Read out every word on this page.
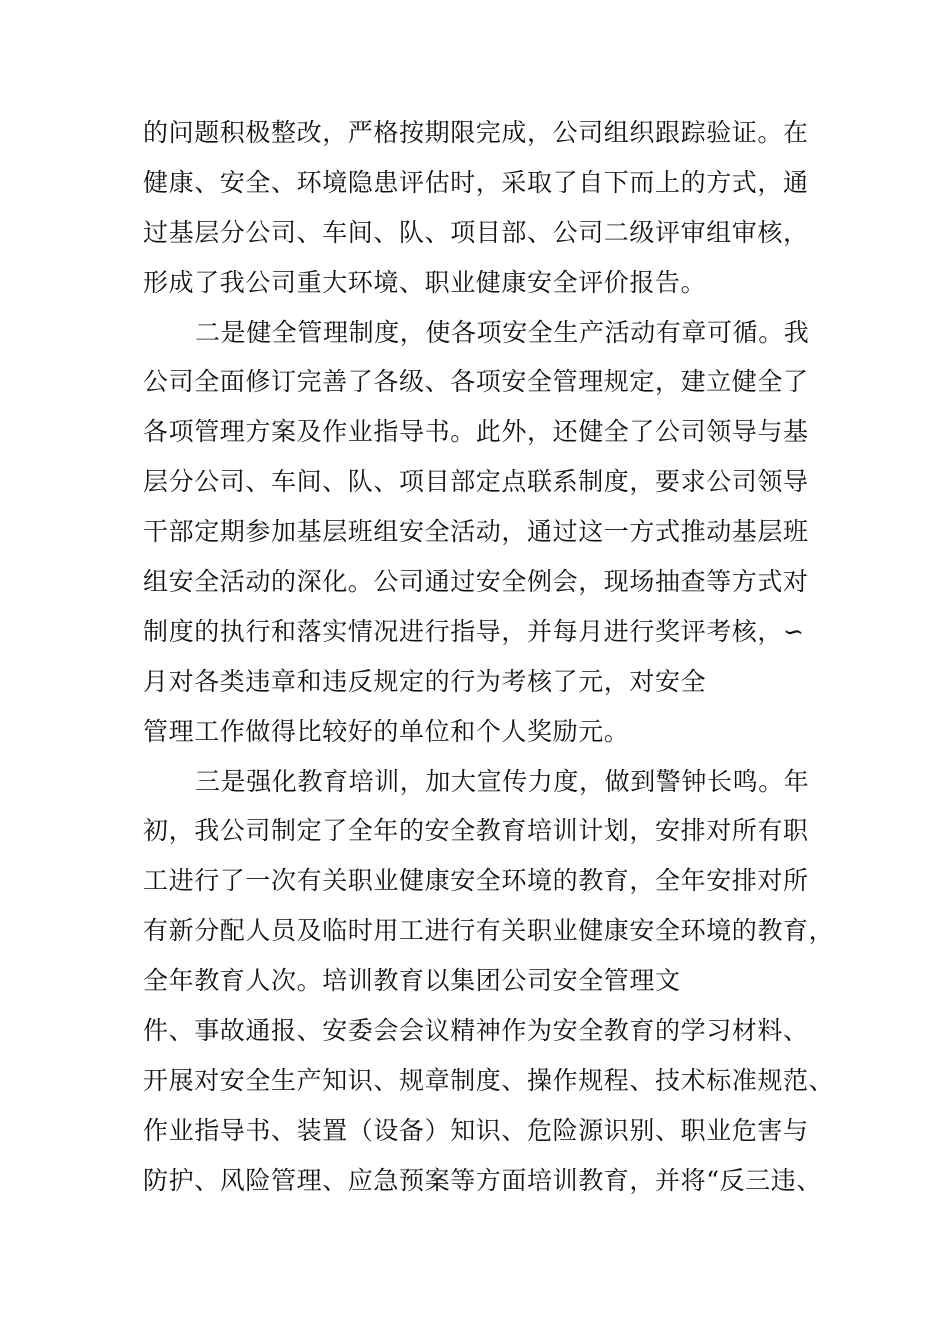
的问题积极整改，严格按期限完成，公司组织跟踪验证。在
健康、安全、环境隐患评估时，采取了自下而上的方式，通
过基层分公司、车间、队、项目部、公司二级评审组审核，
形成了我公司重大环境、职业健康安全评价报告。
二是健全管理制度，使各项安全生产活动有章可循。我
公司全面修订完善了各级、各项安全管理规定，建立健全了
各项管理方案及作业指导书。此外，还健全了公司领导与基
层分公司、车间、队、项目部定点联系制度，要求公司领导
干部定期参加基层班组安全活动，通过这一方式推动基层班
组安全活动的深化。公司通过安全例会，现场抽查等方式对
制度的执行和落实情况进行指导，并每月进行奖评考核，∽
月对各类违章和违反规定的行为考核了元，对安全
管理工作做得比较好的单位和个人奖励元。
三是强化教育培训，加大宣传力度，做到警钟长鸣。年
初，我公司制定了全年的安全教育培训计划，安排对所有职
工进行了一次有关职业健康安全环境的教育，全年安排对所
有新分配人员及临时用工进行有关职业健康安全环境的教育，
全年教育人次。培训教育以集团公司安全管理文
件、事故通报、安委会会议精神作为安全教育的学习材料、
开展对安全生产知识、规章制度、操作规程、技术标准规范、
作业指导书、装置（设备）知识、危险源识别、职业危害与
防护、风险管理、应急预案等方面培训教育，并将“反三违、
